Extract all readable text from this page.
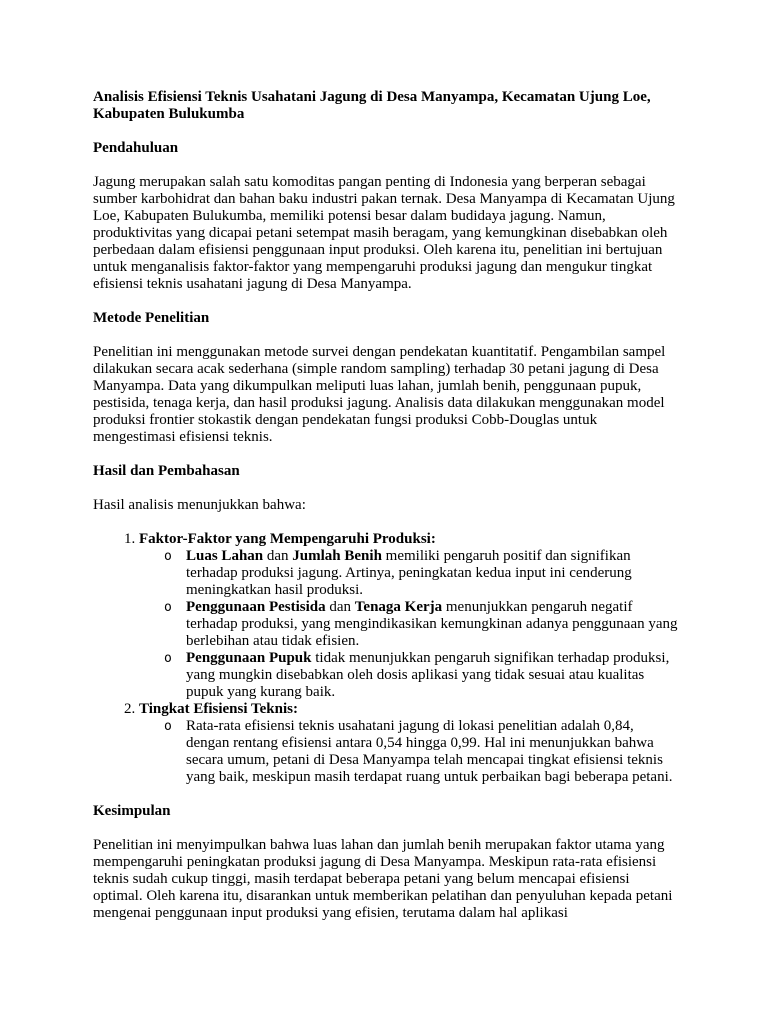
Analisis Efisiensi Teknis Usahatani Jagung di Desa Manyampa, Kecamatan Ujung Loe, Kabupaten Bulukumba

Pendahuluan

Jagung merupakan salah satu komoditas pangan penting di Indonesia yang berperan sebagai sumber karbohidrat dan bahan baku industri pakan ternak. Desa Manyampa di Kecamatan Ujung Loe, Kabupaten Bulukumba, memiliki potensi besar dalam budidaya jagung. Namun, produktivitas yang dicapai petani setempat masih beragam, yang kemungkinan disebabkan oleh perbedaan dalam efisiensi penggunaan input produksi. Oleh karena itu, penelitian ini bertujuan untuk menganalisis faktor-faktor yang mempengaruhi produksi jagung dan mengukur tingkat efisiensi teknis usahatani jagung di Desa Manyampa.

Metode Penelitian

Penelitian ini menggunakan metode survei dengan pendekatan kuantitatif. Pengambilan sampel dilakukan secara acak sederhana (simple random sampling) terhadap 30 petani jagung di Desa Manyampa. Data yang dikumpulkan meliputi luas lahan, jumlah benih, penggunaan pupuk, pestisida, tenaga kerja, dan hasil produksi jagung. Analisis data dilakukan menggunakan model produksi frontier stokastik dengan pendekatan fungsi produksi Cobb-Douglas untuk mengestimasi efisiensi teknis.

Hasil dan Pembahasan

Hasil analisis menunjukkan bahwa:

1. Faktor-Faktor yang Mempengaruhi Produksi:
o Luas Lahan dan Jumlah Benih memiliki pengaruh positif dan signifikan terhadap produksi jagung. Artinya, peningkatan kedua input ini cenderung meningkatkan hasil produksi.
o Penggunaan Pestisida dan Tenaga Kerja menunjukkan pengaruh negatif terhadap produksi, yang mengindikasikan kemungkinan adanya penggunaan yang berlebihan atau tidak efisien.
o Penggunaan Pupuk tidak menunjukkan pengaruh signifikan terhadap produksi, yang mungkin disebabkan oleh dosis aplikasi yang tidak sesuai atau kualitas pupuk yang kurang baik.
2. Tingkat Efisiensi Teknis:
o Rata-rata efisiensi teknis usahatani jagung di lokasi penelitian adalah 0,84, dengan rentang efisiensi antara 0,54 hingga 0,99. Hal ini menunjukkan bahwa secara umum, petani di Desa Manyampa telah mencapai tingkat efisiensi teknis yang baik, meskipun masih terdapat ruang untuk perbaikan bagi beberapa petani.

Kesimpulan

Penelitian ini menyimpulkan bahwa luas lahan dan jumlah benih merupakan faktor utama yang mempengaruhi peningkatan produksi jagung di Desa Manyampa. Meskipun rata-rata efisiensi teknis sudah cukup tinggi, masih terdapat beberapa petani yang belum mencapai efisiensi optimal. Oleh karena itu, disarankan untuk memberikan pelatihan dan penyuluhan kepada petani mengenai penggunaan input produksi yang efisien, terutama dalam hal aplikasi
